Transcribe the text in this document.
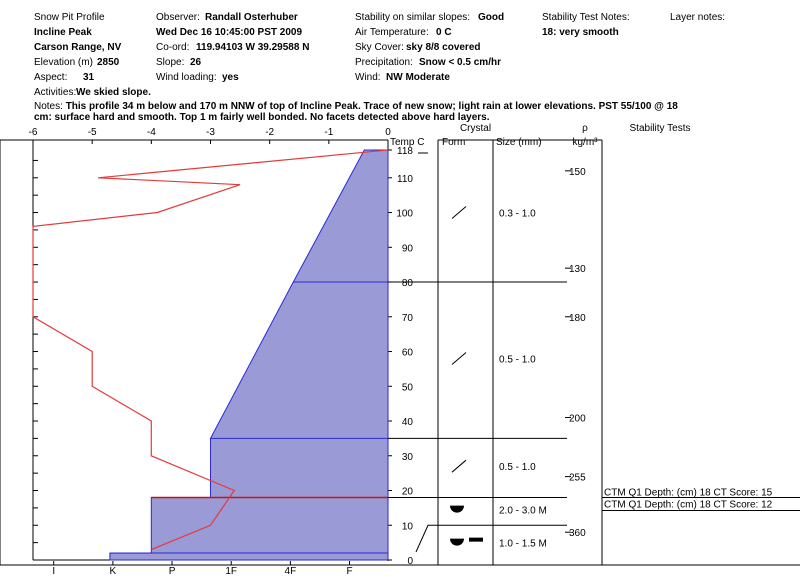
Snow Pit Profile
Incline Peak
Carson Range, NV
Elevation (m) 2850
Aspect: 31
Activities: We skied slope.
Observer: Randall Osterhuber
Wed Dec 16 10:45:00 PST 2009
Co-ord: 119.94103 W 39.29588 N
Slope: 26
Wind loading: yes
Stability on similar slopes: Good
Air Temperature: 0 C
Sky Cover: sky 8/8 covered
Precipitation: Snow < 0.5 cm/hr
Wind: NW Moderate
Stability Test Notes:
18: very smooth
Layer notes:
Notes: This profile 34 m below and 170 m NNW of top of Incline Peak. Trace of new snow; light rain at lower elevations. PST 55/100 @ 18 cm: surface hard and smooth. Top 1 m fairly well bonded. No facets detected above hard layers.
-6	-5	-4	-3	-2	-1	0
Temp C
0
10
20
30
40
50
60
70
80
90
100
110
118
I	K	P	1F	4F	F
Crystal
Form	Size (mm)
ρ
kg/m³
Stability Tests
0.3 - 1.0
0.5 - 1.0
0.5 - 1.0
2.0 - 3.0 M
1.0 - 1.5 M
150
130
180
200
255
360
CTM Q1 Depth: (cm) 18 CT Score: 15
CTM Q1 Depth: (cm) 18 CT Score: 12
